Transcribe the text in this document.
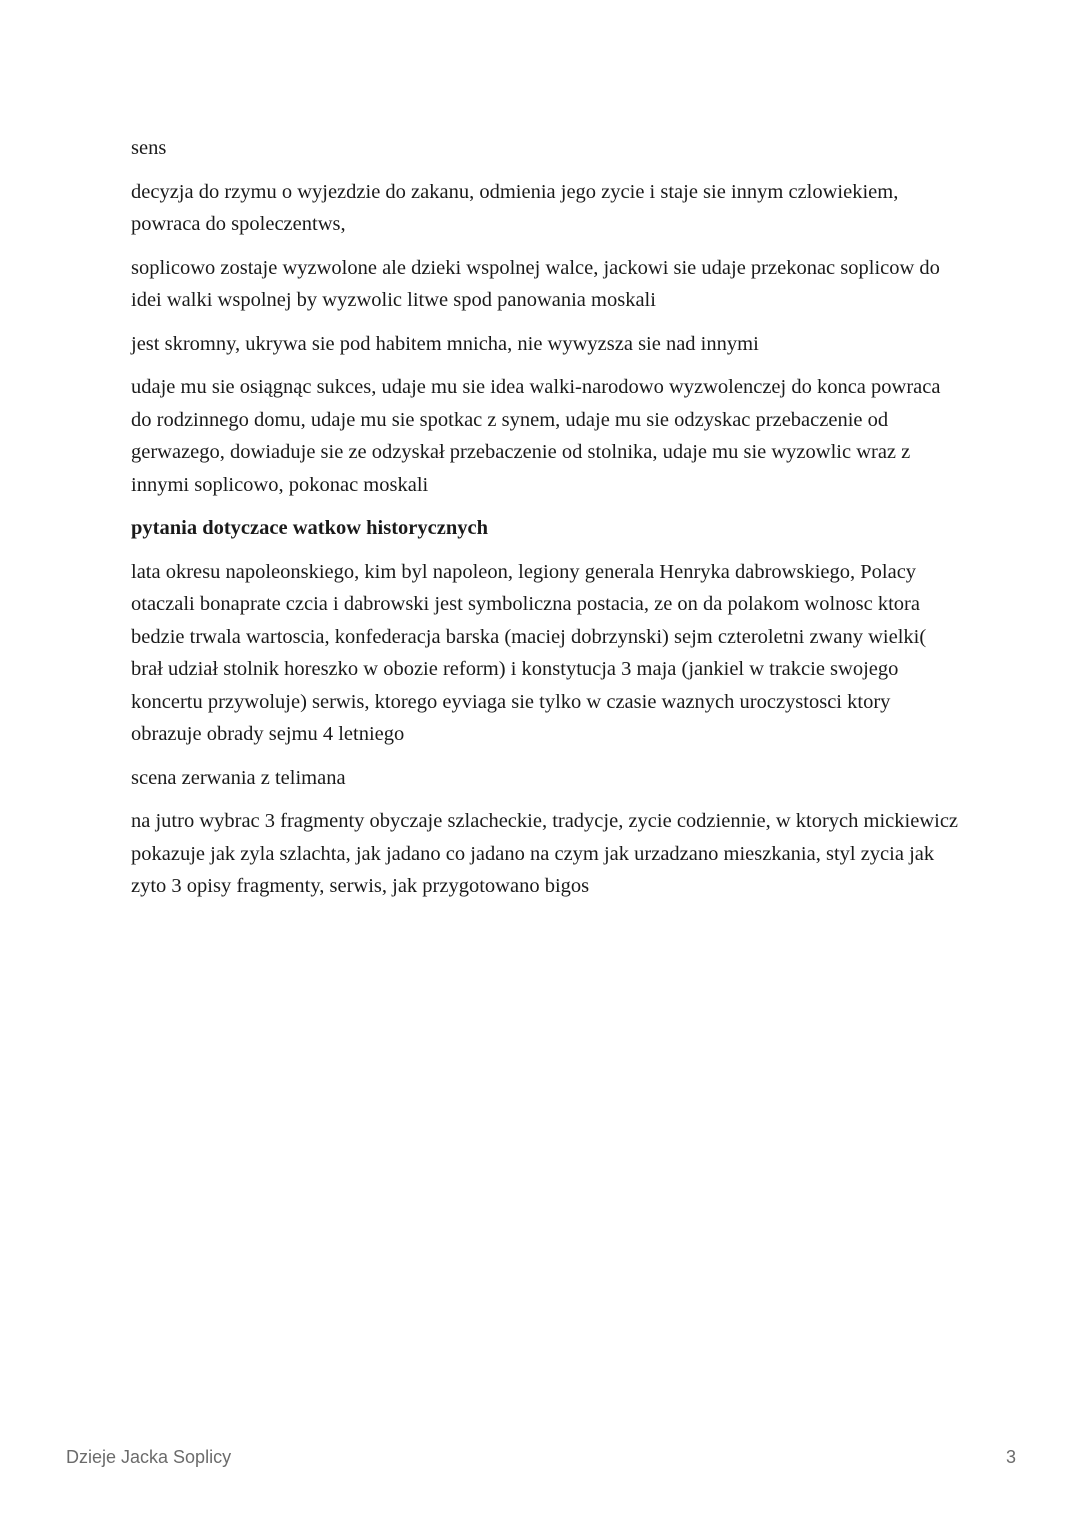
sens

decyzja do rzymu o wyjezdzie do zakanu, odmienia jego zycie i staje sie innym czlowiekiem, powraca do spoleczentws,

soplicowo zostaje wyzwolone ale dzieki wspolnej walce, jackowi sie udaje przekonac soplicow do idei walki wspolnej by wyzwolic litwe spod panowania moskali

jest skromny, ukrywa sie pod habitem mnicha, nie wywyzsza sie nad innymi

udaje mu sie osiągnąc sukces, udaje mu sie idea walki-narodowo wyzwolenczej do konca powraca do rodzinnego domu, udaje mu sie spotkac z synem, udaje mu sie odzyskac przebaczenie od gerwazego, dowiaduje sie ze odzyskał przebaczenie od stolnika, udaje mu sie wyzowlic wraz z innymi soplicowo, pokonac moskali

pytania dotyczace watkow historycznych

lata okresu napoleonskiego, kim byl napoleon, legiony generala Henryka dabrowskiego, Polacy otaczali bonaprate czcia i dabrowski jest symboliczna postacia, ze on da polakom wolnosc ktora bedzie trwala wartoscia, konfederacja barska (maciej dobrzynski) sejm czteroletni zwany wielki( brał udział stolnik horeszko w obozie reform) i konstytucja 3 maja (jankiel w trakcie swojego koncertu przywoluje) serwis, ktorego eyviaga sie tylko w czasie waznych uroczystosci ktory obrazuje obrady sejmu 4 letniego

scena zerwania z telimana

na jutro wybrac 3 fragmenty obyczaje szlacheckie, tradycje, zycie codziennie, w ktorych mickiewicz pokazuje jak zyla szlachta, jak jadano co jadano na czym jak urzadzano mieszkania, styl zycia jak zyto 3 opisy fragmenty, serwis, jak przygotowano bigos

Dzieje Jacka Soplicy	3
